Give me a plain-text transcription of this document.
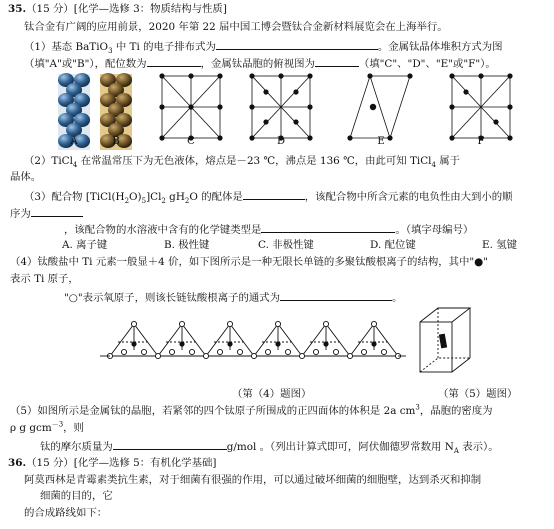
35.（15 分）[化学—选修 3：物质结构与性质]
钛合金有广阔的应用前景，2020 年第 22 届中国工博会暨钛合金新材料展览会在上海举行。
（1）基态 BaTiO$_3$ 中 Ti 的电子排布式为	。金属钛晶体堆积方式为图
（填"A"或"B"），配位数为	，金属钛晶胞的俯视图为	（填"C"、"D"、"E"或"F"）。
A	B	C	D	E	F
（2）TiCl$_4$ 在常温常压下为无色液体，熔点是－23 ℃，沸点是 136 ℃，由此可知 TiCl$_4$ 属于
晶体。
（3）配合物 $[TiCl(H_2O)_5]Cl_2$ $gH_2O$ 的配体是	，该配合物中所含元素的电负性由大到小的顺
序为
，该配合物的水溶液中含有的化学键类型是	。（填字母编号）
A. 离子键	B. 极性键	C. 非极性键	D. 配位键	E. 氢键
（4）钛酸盐中 Ti 元素一般显＋4 价，如下图所示是一种无限长单链的多聚钛酸根离子的结构，其中"●"
表示 Ti 原子，
"○"表示氧原子，则该长链钛酸根离子的通式为	。
（第（4）题图）	（第（5）题图）
（5）如图所示是金属钛的晶胞，若紧邻的四个钛原子所围成的正四面体的体积是 2a $cm^3$，晶胞的密度为
ρ g gcm$^{-3}$，则
钛的摩尔质量为	g/mol 。（列出计算式即可，阿伏伽德罗常数用 $N_A$ 表示）。
36.（15 分）[化学—选修 5：有机化学基础]
阿莫西林是青霉素类抗生素，对于细菌有很强的作用，可以通过破坏细菌的细胞壁，达到杀灭和抑制
细菌的目的，它
的合成路线如下：
